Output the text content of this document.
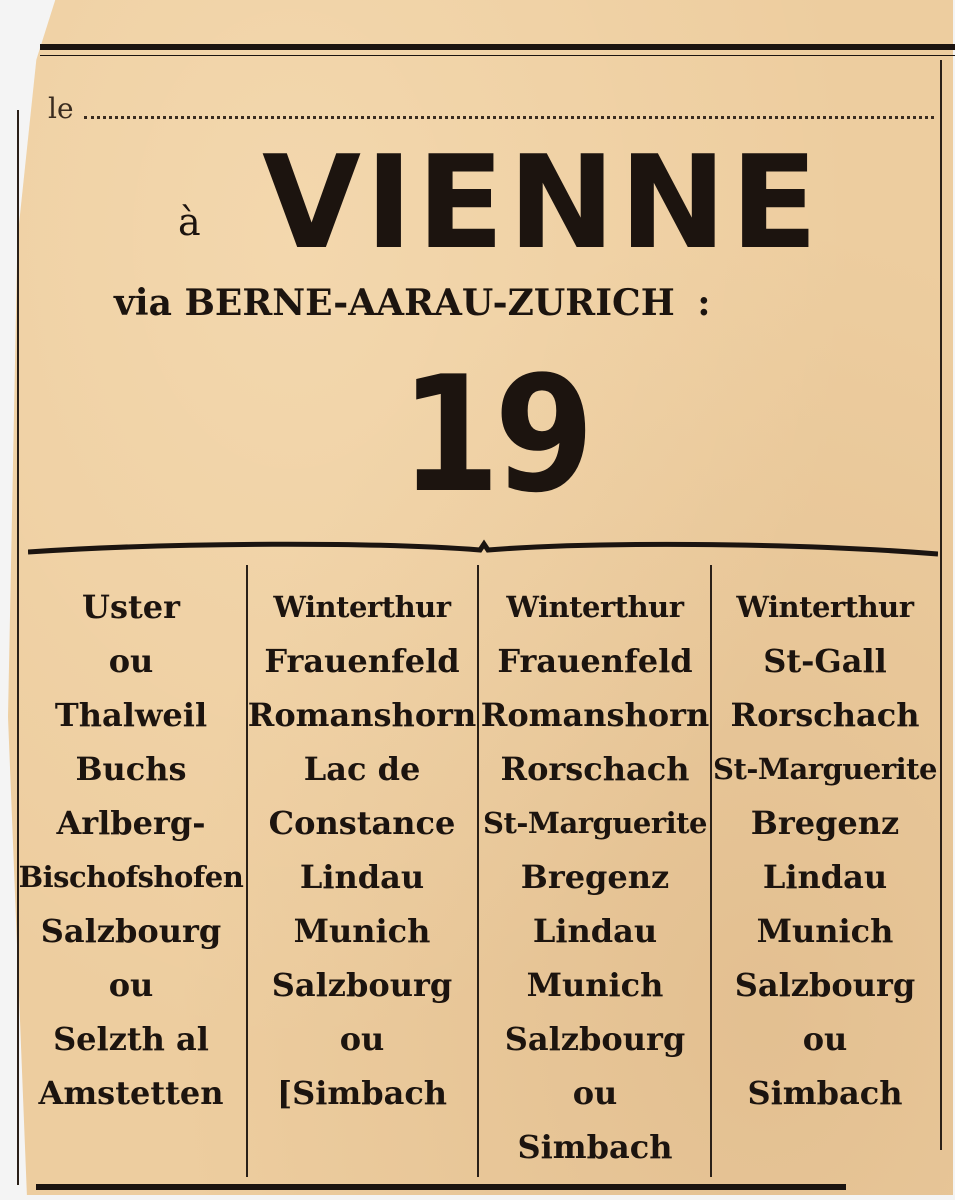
le
à VIENNE
via BERNE-AARAU-ZURICH :
19
Uster
ou
Thalweil
Buchs
Arlberg-
Bischofshofen
Salzbourg
ou
Selzth al
Amstetten
Winterthur
Frauenfeld
Romanshorn
Lac de
Constance
Lindau
Munich
Salzbourg
ou
[Simbach
Winterthur
Frauenfeld
Romanshorn
Rorschach
St-Marguerite
Bregenz
Lindau
Munich
Salzbourg
ou
Simbach
Winterthur
St-Gall
Rorschach
St-Marguerite
Bregenz
Lindau
Munich
Salzbourg
ou
Simbach
